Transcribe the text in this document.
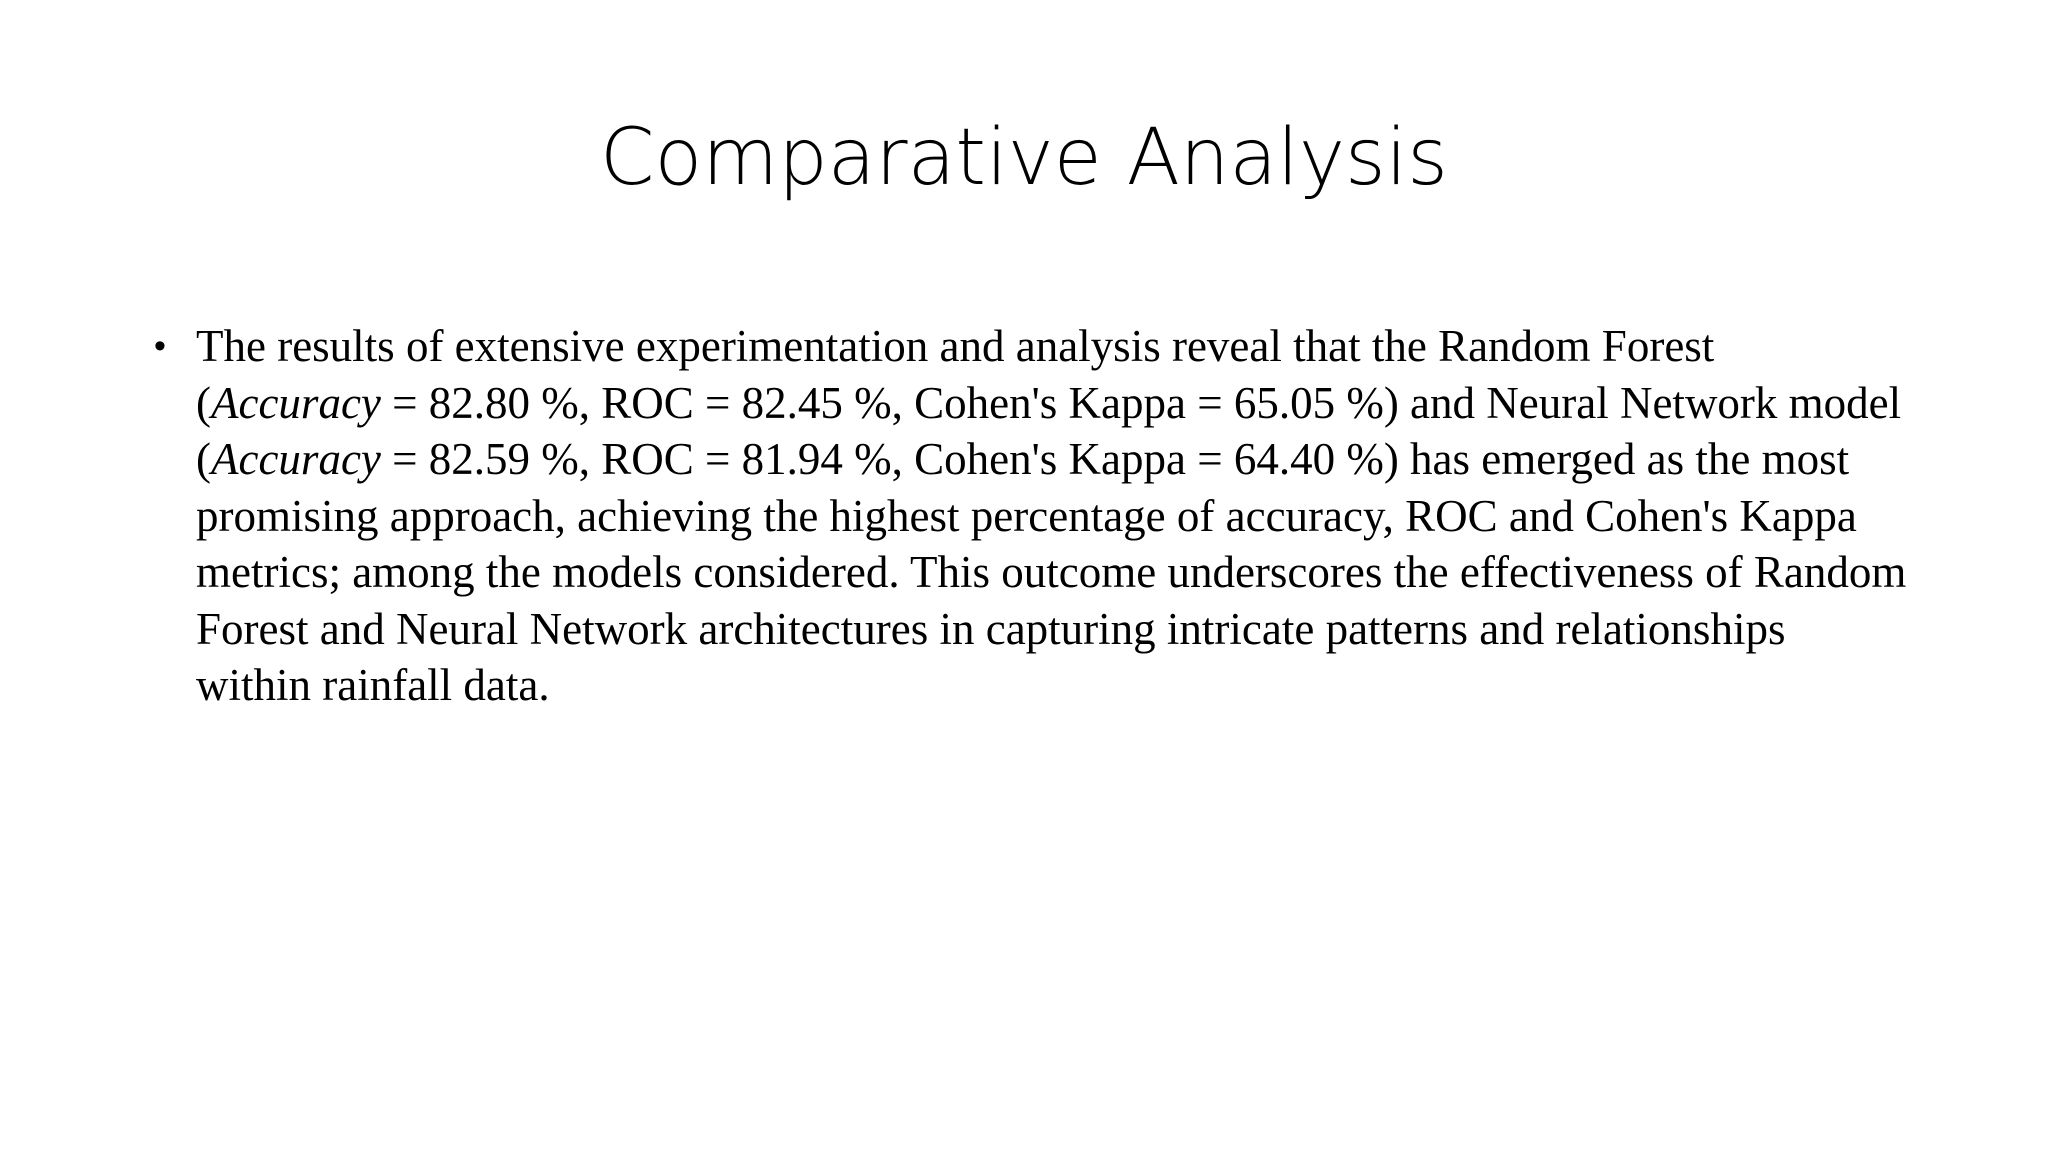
Comparative Analysis
• The results of extensive experimentation and analysis reveal that the Random Forest (Accuracy = 82.80 %, ROC = 82.45 %, Cohen's Kappa = 65.05 %) and Neural Network model (Accuracy = 82.59 %, ROC = 81.94 %, Cohen's Kappa = 64.40 %) has emerged as the most promising approach, achieving the highest percentage of accuracy, ROC and Cohen's Kappa metrics; among the models considered. This outcome underscores the effectiveness of Random Forest and Neural Network architectures in capturing intricate patterns and relationships within rainfall data.
